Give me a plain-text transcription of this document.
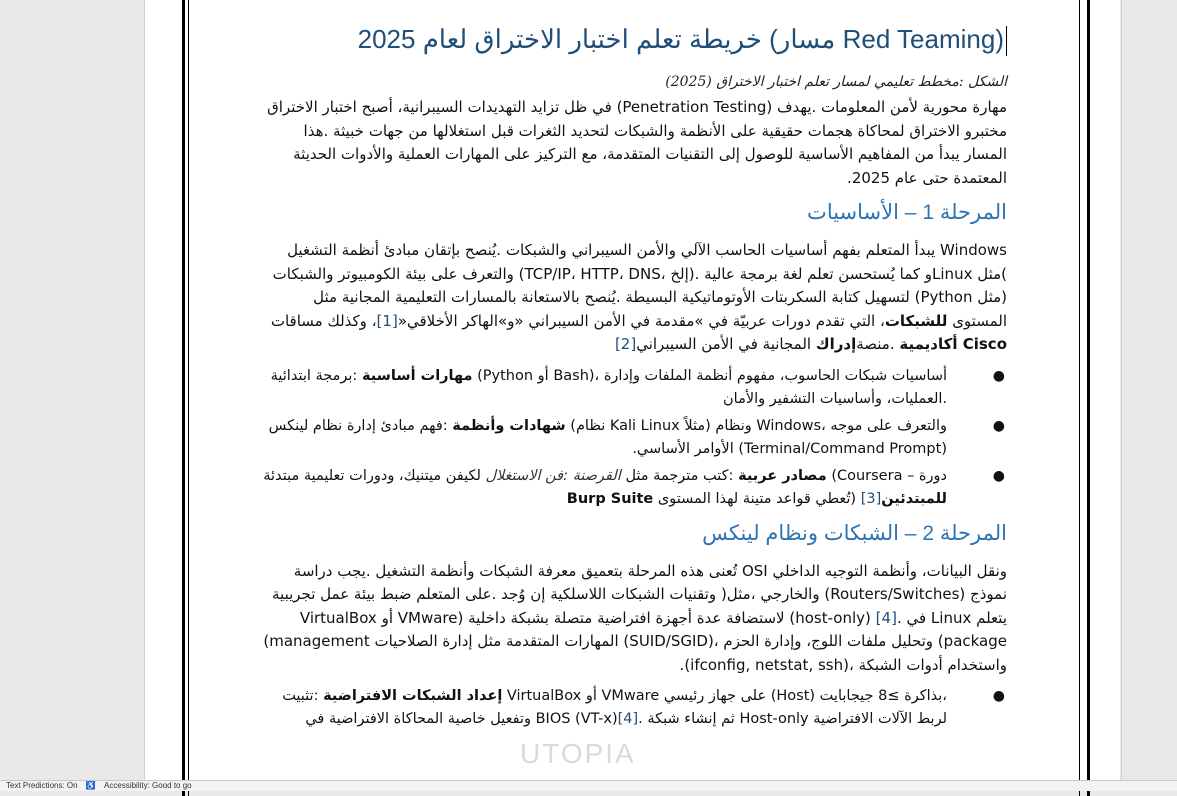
(Red Teaming مسار) خريطة تعلم اختبار الاختراق لعام 2025
الشكل :مخطط تعليمي لمسار تعلم اختبار الاختراق (2025)

مهارة محورية لأمن المعلومات .يهدف (Penetration Testing) في ظل تزايد التهديدات السيبرانية، أصبح اختبار الاختراق مختبرو الاختراق لمحاكاة هجمات حقيقية على الأنظمة والشبكات لتحديد الثغرات قبل استغلالها من جهات خبيثة .هذا المسار يبدأ من المفاهيم الأساسية للوصول إلى التقنيات المتقدمة، مع التركيز على المهارات العملية والأدوات الحديثة المعتمدة حتى عام 2025.

المرحلة 1 – الأساسيات

Windows يبدأ المتعلم بفهم أساسيات الحاسب الآلي والأمن السيبراني والشبكات .يُنصح بإتقان مبادئ أنظمة التشغيل )مثل Linuxو كما يُستحسن تعلم لغة برمجة عالية .(إلخ ،TCP/IP، HTTP، DNS) والتعرف على بيئة الكومبيوتر والشبكات (مثل Python) لتسهيل كتابة السكربتات الأوتوماتيكية البسيطة .يُنصح بالاستعانة بالمسارات التعليمية المجانية مثل المستوى للشبكات، التي تقدم دورات عربيّة في »مقدمة في الأمن السيبراني «و»الهاكر الأخلاقي«[1]، وكذلك مساقات Cisco أكاديمية .منصةإدراك المجانية في الأمن السيبراني[2]

●
أساسيات شبكات الحاسوب، مفهوم أنظمة الملفات وإدارة ،(Bash أو Python) مهارات أساسية :برمجة ابتدائية .العمليات، وأساسيات التشفير والأمان
●
والتعرف على موجه ،Windows ونظام (مثلاً Kali Linux نظام) شهادات وأنظمة :فهم مبادئ إدارة نظام لينكس (Terminal/Command Prompt) الأوامر الأساسي.
●
دورة – Coursera) مصادر عربية :كتب مترجمة مثل القرصنة :فن الاستغلال لكيفن ميتنيك، ودورات تعليمية مبتدئة للمبتدئين[3] (تُعطي قواعد متينة لهذا المستوى Burp Suite
المرحلة 2 – الشبكات ونظام لينكس

ونقل البيانات، وأنظمة التوجيه الداخلي OSI تُعنى هذه المرحلة بتعميق معرفة الشبكات وأنظمة التشغيل .يجب دراسة نموذج (Routers/Switches) والخارجي ،مثل( وتقنيات الشبكات اللاسلكية إن وُجد .على المتعلم ضبط بيئة عمل تجريبية يتعلم Linux في .[4] (host-only) لاستضافة عدة أجهزة افتراضية متصلة بشبكة داخلية (VMware أو VirtualBox package) وتحليل ملفات اللوج، وإدارة الحزم ،(SUID/SGID) المهارات المتقدمة مثل إدارة الصلاحيات management) واستخدام أدوات الشبكة ،(ifconfig, netstat, ssh).

●
،بذاكرة ≥8 جيجابايت (Host) على جهاز رئيسي VMware أو VirtualBox إعداد الشبكات الافتراضية :تثبيت لربط الآلات الافتراضية Host-only ثم إنشاء شبكة .BIOS (VT-x)[4] وتفعيل خاصية المحاكاة الافتراضية في
UTOPIA
Text Predictions: On ♿ Accessibility: Good to go
